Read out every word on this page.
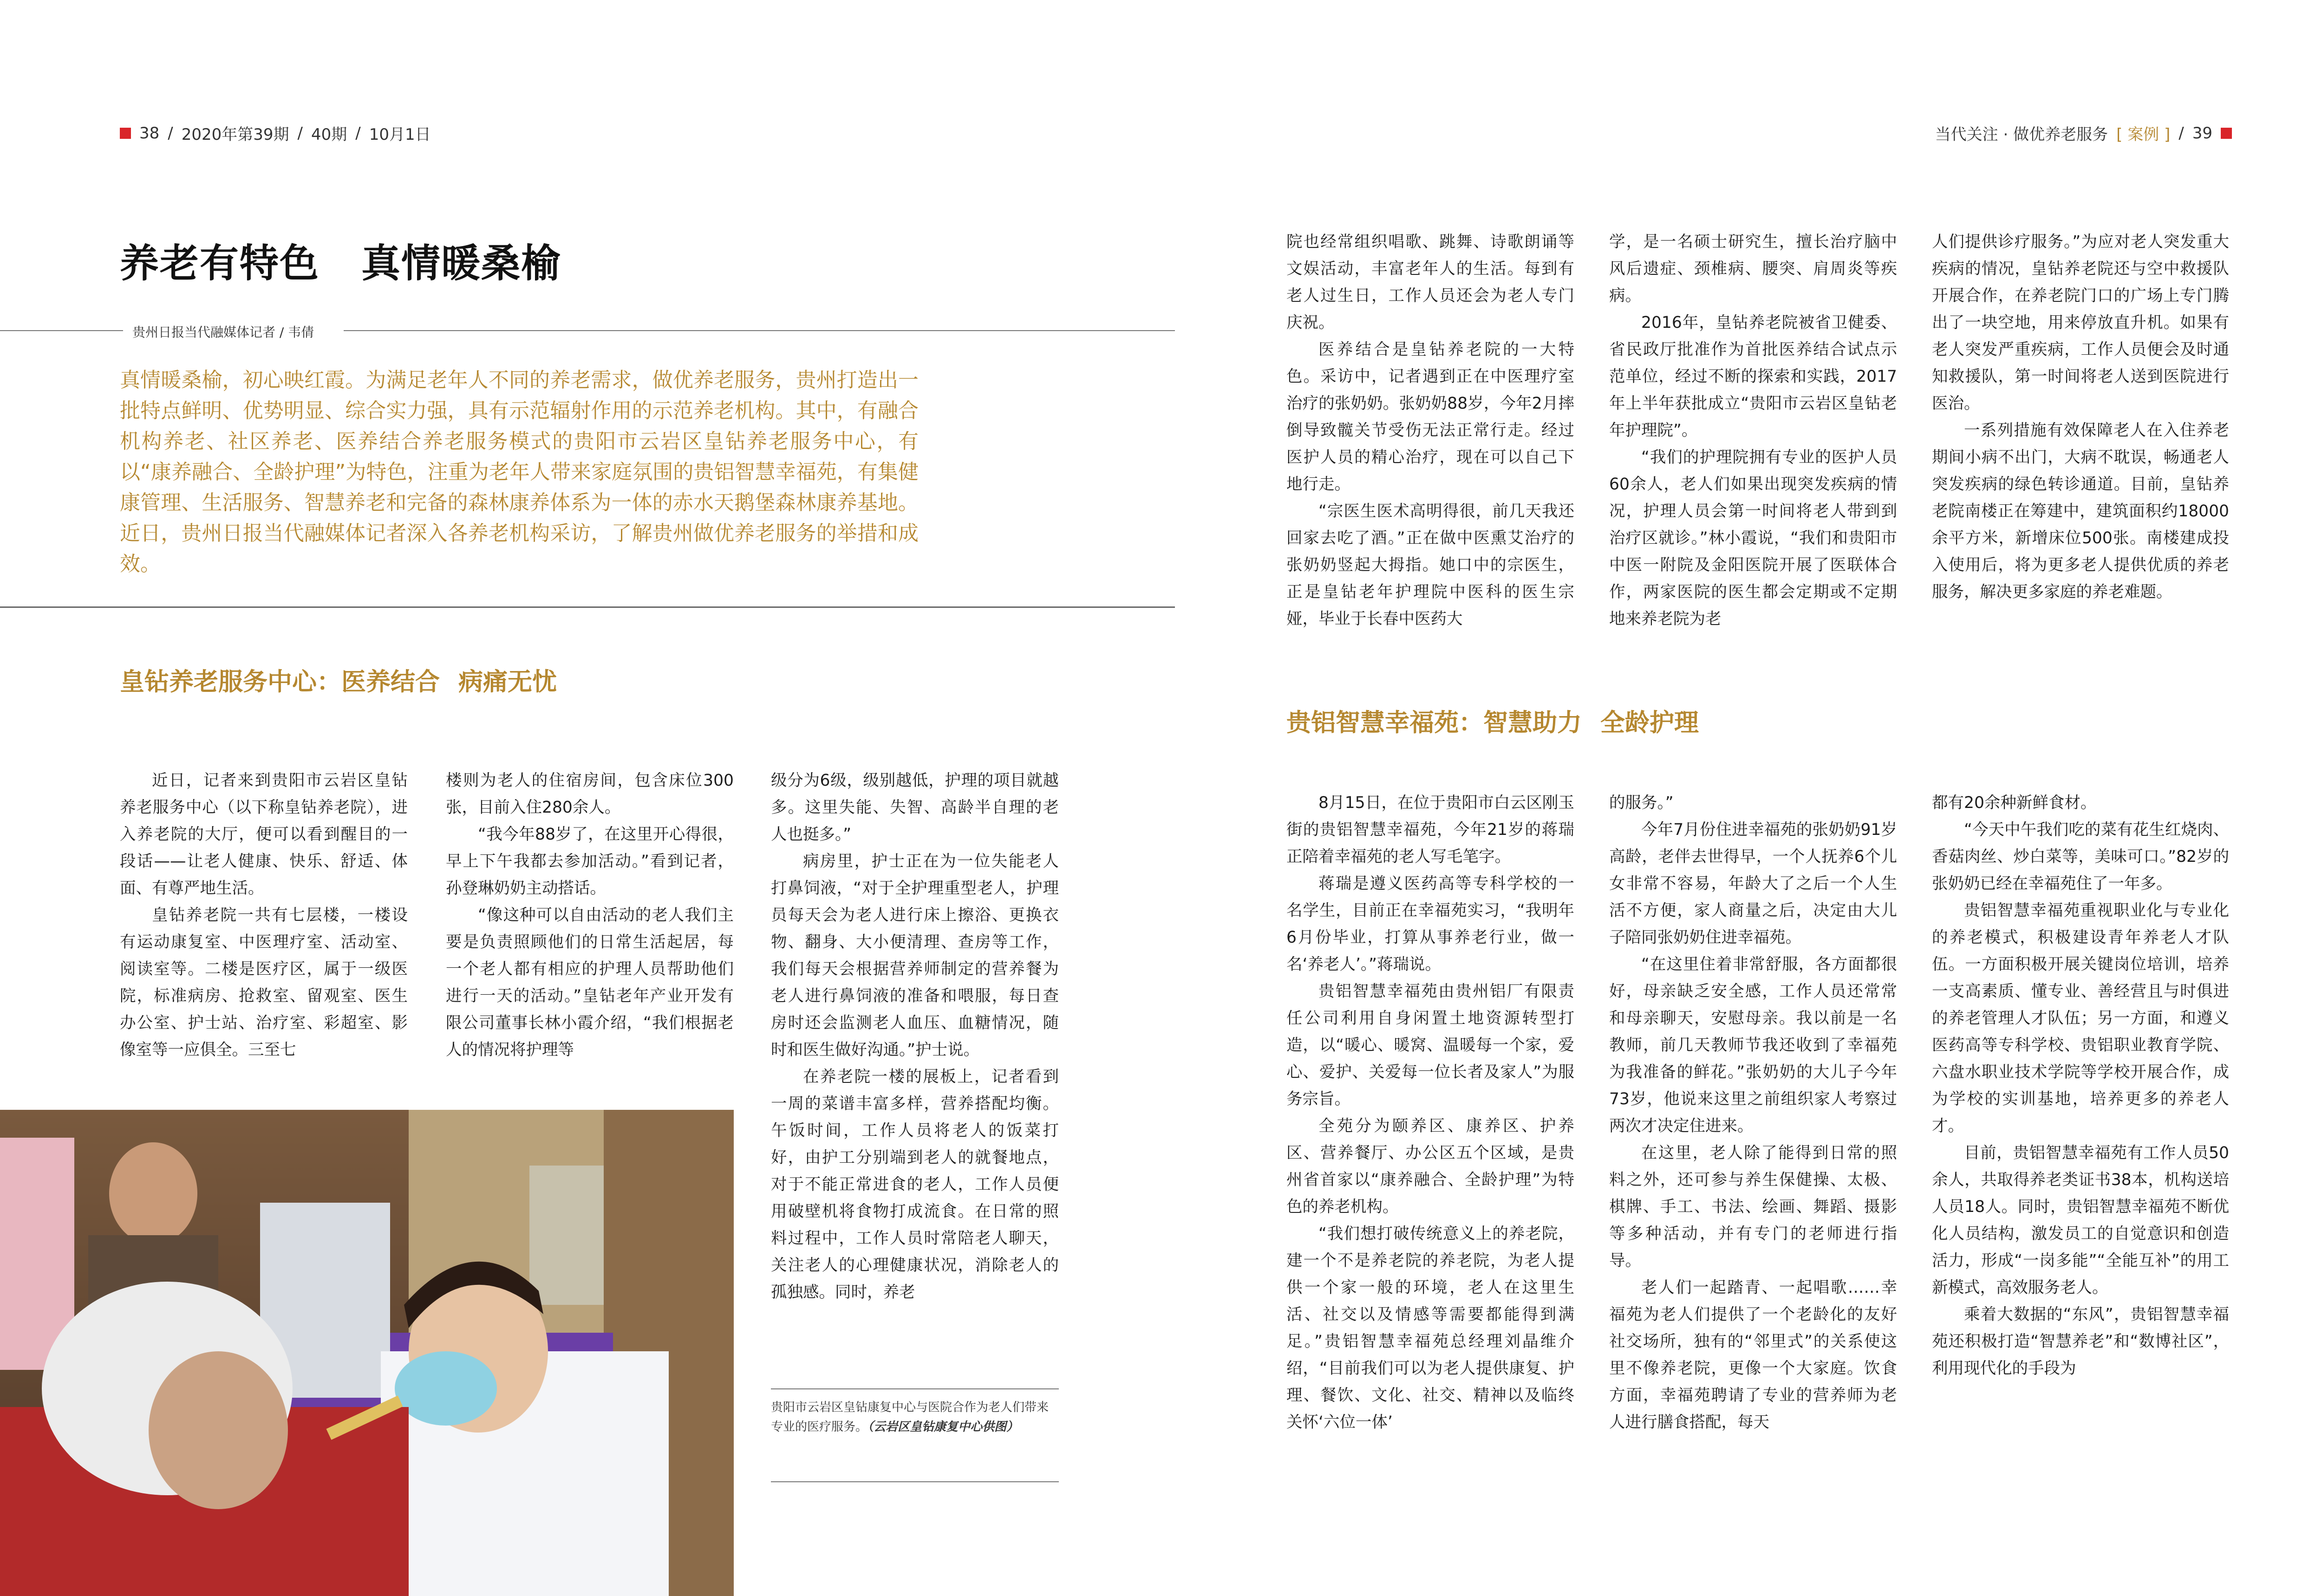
38 / 2020年第39期 / 40期 / 10月1日	当代关注 · 做优养老服务 [ 案例 ] / 39
养老有特色 真情暖桑榆
贵州日报当代融媒体记者 / 韦倩
真情暖桑榆，初心映红霞。为满足老年人不同的养老需求，做优养老服务，贵州打造出一批特点鲜明、优势明显、综合实力强，具有示范辐射作用的示范养老机构。其中，有融合机构养老、社区养老、医养结合养老服务模式的贵阳市云岩区皇钻养老服务中心，有以“康养融合、全龄护理”为特色，注重为老年人带来家庭氛围的贵铝智慧幸福苑，有集健康管理、生活服务、智慧养老和完备的森林康养体系为一体的赤水天鹅堡森林康养基地。近日，贵州日报当代融媒体记者深入各养老机构采访，了解贵州做优养老服务的举措和成效。
皇钻养老服务中心：医养结合 病痛无忧

近日，记者来到贵阳市云岩区皇钻养老服务中心（以下称皇钻养老院），进入养老院的大厅，便可以看到醒目的一段话——让老人健康、快乐、舒适、体面、有尊严地生活。

皇钻养老院一共有七层楼，一楼设有运动康复室、中医理疗室、活动室、阅读室等。二楼是医疗区，属于一级医院，标准病房、抢救室、留观室、医生办公室、护士站、治疗室、彩超室、影像室等一应俱全。三至七

楼则为老人的住宿房间，包含床位300张，目前入住280余人。

“我今年88岁了，在这里开心得很，早上下午我都去参加活动。”看到记者，孙登琳奶奶主动搭话。

“像这种可以自由活动的老人我们主要是负责照顾他们的日常生活起居，每一个老人都有相应的护理人员帮助他们进行一天的活动。”皇钻老年产业开发有限公司董事长林小霞介绍，“我们根据老人的情况将护理等

级分为6级，级别越低，护理的项目就越多。这里失能、失智、高龄半自理的老人也挺多。”

病房里，护士正在为一位失能老人打鼻饲液，“对于全护理重型老人，护理员每天会为老人进行床上擦浴、更换衣物、翻身、大小便清理、查房等工作，我们每天会根据营养师制定的营养餐为老人进行鼻饲液的准备和喂服，每日查房时还会监测老人血压、血糖情况，随时和医生做好沟通。”护士说。

在养老院一楼的展板上，记者看到一周的菜谱丰富多样，营养搭配均衡。午饭时间，工作人员将老人的饭菜打好，由护工分别端到老人的就餐地点，对于不能正常进食的老人，工作人员便用破壁机将食物打成流食。在日常的照料过程中，工作人员时常陪老人聊天，关注老人的心理健康状况，消除老人的孤独感。同时，养老

贵阳市云岩区皇钻康复中心与医院合作为老人们带来专业的医疗服务。（云岩区皇钻康复中心供图）

院也经常组织唱歌、跳舞、诗歌朗诵等文娱活动，丰富老年人的生活。每到有老人过生日，工作人员还会为老人专门庆祝。

医养结合是皇钻养老院的一大特色。采访中，记者遇到正在中医理疗室治疗的张奶奶。张奶奶88岁，今年2月摔倒导致髋关节受伤无法正常行走。经过医护人员的精心治疗，现在可以自己下地行走。

“宗医生医术高明得很，前几天我还回家去吃了酒。”正在做中医熏艾治疗的张奶奶竖起大拇指。她口中的宗医生，正是皇钻老年护理院中医科的医生宗娅，毕业于长春中医药大

学，是一名硕士研究生，擅长治疗脑中风后遗症、颈椎病、腰突、肩周炎等疾病。

2016年，皇钻养老院被省卫健委、省民政厅批准作为首批医养结合试点示范单位，经过不断的探索和实践，2017年上半年获批成立“贵阳市云岩区皇钻老年护理院”。

“我们的护理院拥有专业的医护人员60余人，老人们如果出现突发疾病的情况，护理人员会第一时间将老人带到到治疗区就诊。”林小霞说，“我们和贵阳市中医一附院及金阳医院开展了医联体合作，两家医院的医生都会定期或不定期地来养老院为老

人们提供诊疗服务。”为应对老人突发重大疾病的情况，皇钻养老院还与空中救援队开展合作，在养老院门口的广场上专门腾出了一块空地，用来停放直升机。如果有老人突发严重疾病，工作人员便会及时通知救援队，第一时间将老人送到医院进行医治。

一系列措施有效保障老人在入住养老期间小病不出门，大病不耽误，畅通老人突发疾病的绿色转诊通道。目前，皇钻养老院南楼正在筹建中，建筑面积约18000余平方米，新增床位500张。南楼建成投入使用后，将为更多老人提供优质的养老服务，解决更多家庭的养老难题。

贵铝智慧幸福苑：智慧助力 全龄护理

8月15日，在位于贵阳市白云区刚玉街的贵铝智慧幸福苑，今年21岁的蒋瑞正陪着幸福苑的老人写毛笔字。

蒋瑞是遵义医药高等专科学校的一名学生，目前正在幸福苑实习，“我明年6月份毕业，打算从事养老行业，做一名‘养老人’。”蒋瑞说。

贵铝智慧幸福苑由贵州铝厂有限责任公司利用自身闲置土地资源转型打造，以“暖心、暖窝、温暖每一个家，爱心、爱护、关爱每一位长者及家人”为服务宗旨。

全苑分为颐养区、康养区、护养区、营养餐厅、办公区五个区域，是贵州省首家以“康养融合、全龄护理”为特色的养老机构。

“我们想打破传统意义上的养老院，建一个不是养老院的养老院，为老人提供一个家一般的环境，老人在这里生活、社交以及情感等需要都能得到满足。”贵铝智慧幸福苑总经理刘晶维介绍，“目前我们可以为老人提供康复、护理、餐饮、文化、社交、精神以及临终关怀‘六位一体’

的服务。”

今年7月份住进幸福苑的张奶奶91岁高龄，老伴去世得早，一个人抚养6个儿女非常不容易，年龄大了之后一个人生活不方便，家人商量之后，决定由大儿子陪同张奶奶住进幸福苑。

“在这里住着非常舒服，各方面都很好，母亲缺乏安全感，工作人员还常常和母亲聊天，安慰母亲。我以前是一名教师，前几天教师节我还收到了幸福苑为我准备的鲜花。”张奶奶的大儿子今年73岁，他说来这里之前组织家人考察过两次才决定住进来。

在这里，老人除了能得到日常的照料之外，还可参与养生保健操、太极、棋牌、手工、书法、绘画、舞蹈、摄影等多种活动，并有专门的老师进行指导。

老人们一起踏青、一起唱歌……幸福苑为老人们提供了一个老龄化的友好社交场所，独有的“邻里式”的关系使这里不像养老院，更像一个大家庭。饮食方面，幸福苑聘请了专业的营养师为老人进行膳食搭配，每天

都有20余种新鲜食材。

“今天中午我们吃的菜有花生红烧肉、香菇肉丝、炒白菜等，美味可口。”82岁的张奶奶已经在幸福苑住了一年多。

贵铝智慧幸福苑重视职业化与专业化的养老模式，积极建设青年养老人才队伍。一方面积极开展关键岗位培训，培养一支高素质、懂专业、善经营且与时俱进的养老管理人才队伍；另一方面，和遵义医药高等专科学校、贵铝职业教育学院、六盘水职业技术学院等学校开展合作，成为学校的实训基地，培养更多的养老人才。

目前，贵铝智慧幸福苑有工作人员50余人，共取得养老类证书38本，机构送培人员18人。同时，贵铝智慧幸福苑不断优化人员结构，激发员工的自觉意识和创造活力，形成“一岗多能”“全能互补”的用工新模式，高效服务老人。

乘着大数据的“东风”，贵铝智慧幸福苑还积极打造“智慧养老”和“数博社区”，利用现代化的手段为
